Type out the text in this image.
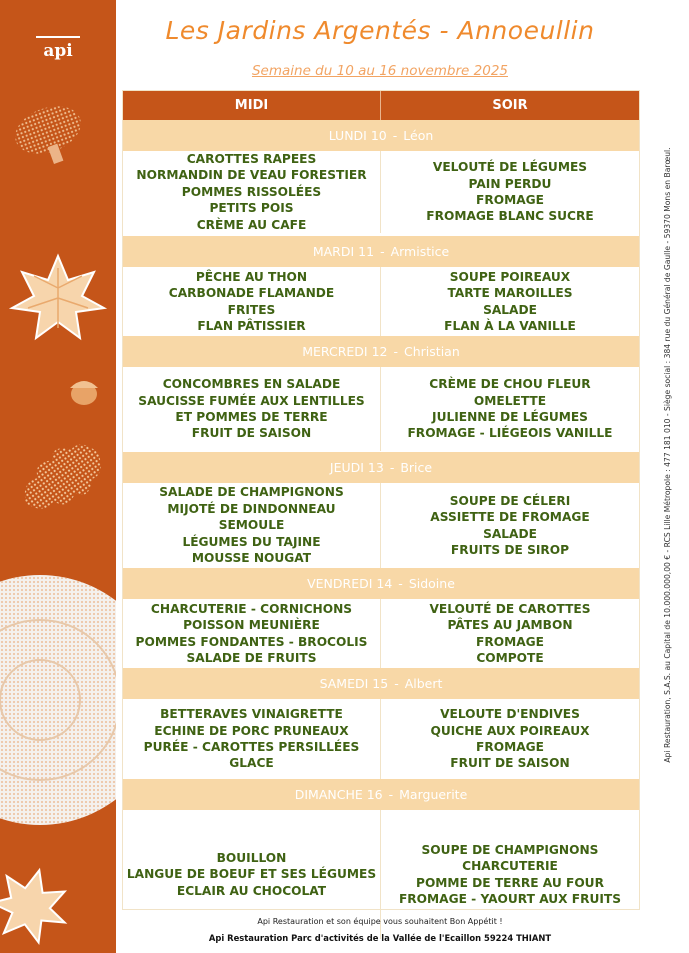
api
Les Jardins Argentés - Annoeullin
Semaine du 10 au 16 novembre 2025
MIDI	SOIR
LUNDI 10 - Léon
CAROTTES RAPEES
NORMANDIN DE VEAU FORESTIER
POMMES RISSOLÉES
PETITS POIS
CRÈME AU CAFE
VELOUTÉ DE LÉGUMES
PAIN PERDU
FROMAGE
FROMAGE BLANC SUCRE
MARDI 11 - Armistice
PÊCHE AU THON
CARBONADE FLAMANDE
FRITES
FLAN PÂTISSIER
SOUPE POIREAUX
TARTE MAROILLES
SALADE
FLAN À LA VANILLE
MERCREDI 12 - Christian
CONCOMBRES EN SALADE
SAUCISSE FUMÉE AUX LENTILLES
ET POMMES DE TERRE
FRUIT DE SAISON
CRÈME DE CHOU FLEUR
OMELETTE
JULIENNE DE LÉGUMES
FROMAGE - LIÉGEOIS VANILLE
JEUDI 13 - Brice
SALADE DE CHAMPIGNONS
MIJOTÉ DE DINDONNEAU
SEMOULE
LÉGUMES DU TAJINE
MOUSSE NOUGAT
SOUPE DE CÉLERI
ASSIETTE DE FROMAGE
SALADE
FRUITS DE SIROP
VENDREDI 14 - Sidoine
CHARCUTERIE - CORNICHONS
POISSON MEUNIÈRE
POMMES FONDANTES - BROCOLIS
SALADE DE FRUITS
VELOUTÉ DE CAROTTES
PÂTES AU JAMBON
FROMAGE
COMPOTE
SAMEDI 15 - Albert
BETTERAVES VINAIGRETTE
ECHINE DE PORC PRUNEAUX
PURÉE - CAROTTES PERSILLÉES
GLACE
VELOUTE D'ENDIVES
QUICHE AUX POIREAUX
FROMAGE
FRUIT DE SAISON
DIMANCHE 16 - Marguerite
BOUILLON
LANGUE DE BOEUF ET SES LÉGUMES
ECLAIR AU CHOCOLAT
SOUPE DE CHAMPIGNONS
CHARCUTERIE
POMME DE TERRE AU FOUR
FROMAGE - YAOURT AUX FRUITS
Api Restauration et son équipe vous souhaitent Bon Appétit !
Api Restauration Parc d'activités de la Vallée de l'Ecaillon 59224 THIANT
Api Restauration, S.A.S. au Capital de 10.000.000,00 € - RCS Lille Métropole : 477 181 010 - Siège social : 384 rue du Général de Gaulle - 59370 Mons en Barœul.
